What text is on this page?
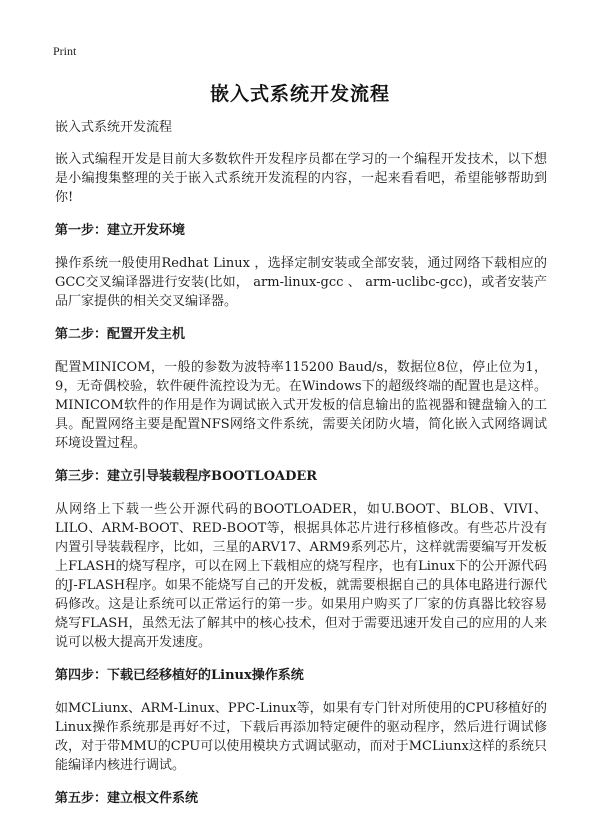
Print
嵌入式系统开发流程

嵌入式系统开发流程

嵌入式编程开发是目前大多数软件开发程序员都在学习的一个编程开发技术，以下想是小编搜集整理的关于嵌入式系统开发流程的内容，一起来看看吧，希望能够帮助到你!

第一步：建立开发环境

操作系统一般使用Redhat Linux ，选择定制安装或全部安装，通过网络下载相应的GCC交叉编译器进行安装(比如， arm-linux-gcc 、 arm-uclibc-gcc)，或者安装产品厂家提供的相关交叉编译器。

第二步：配置开发主机

配置MINICOM，一般的参数为波特率115200 Baud/s，数据位8位，停止位为1，9，无奇偶校验，软件硬件流控设为无。在Windows下的超级终端的配置也是这样。MINICOM软件的作用是作为调试嵌入式开发板的信息输出的监视器和键盘输入的工具。配置网络主要是配置NFS网络文件系统，需要关闭防火墙，简化嵌入式网络调试环境设置过程。

第三步：建立引导装载程序BOOTLOADER

从网络上下载一些公开源代码的BOOTLOADER，如U.BOOT、BLOB、VIVI、LILO、ARM-BOOT、RED-BOOT等，根据具体芯片进行移植修改。有些芯片没有内置引导装载程序，比如，三星的ARV17、ARM9系列芯片，这样就需要编写开发板上FLASH的烧写程序，可以在网上下载相应的烧写程序，也有Linux下的公开源代码的J-FLASH程序。如果不能烧写自己的开发板，就需要根据自己的具体电路进行源代码修改。这是让系统可以正常运行的第一步。如果用户购买了厂家的仿真器比较容易烧写FLASH，虽然无法了解其中的核心技术，但对于需要迅速开发自己的应用的人来说可以极大提高开发速度。

第四步：下载已经移植好的Linux操作系统

如MCLiunx、ARM-Linux、PPC-Linux等，如果有专门针对所使用的CPU移植好的Linux操作系统那是再好不过，下载后再添加特定硬件的驱动程序，然后进行调试修改，对于带MMU的CPU可以使用模块方式调试驱动，而对于MCLiunx这样的系统只能编译内核进行调试。

第五步：建立根文件系统
